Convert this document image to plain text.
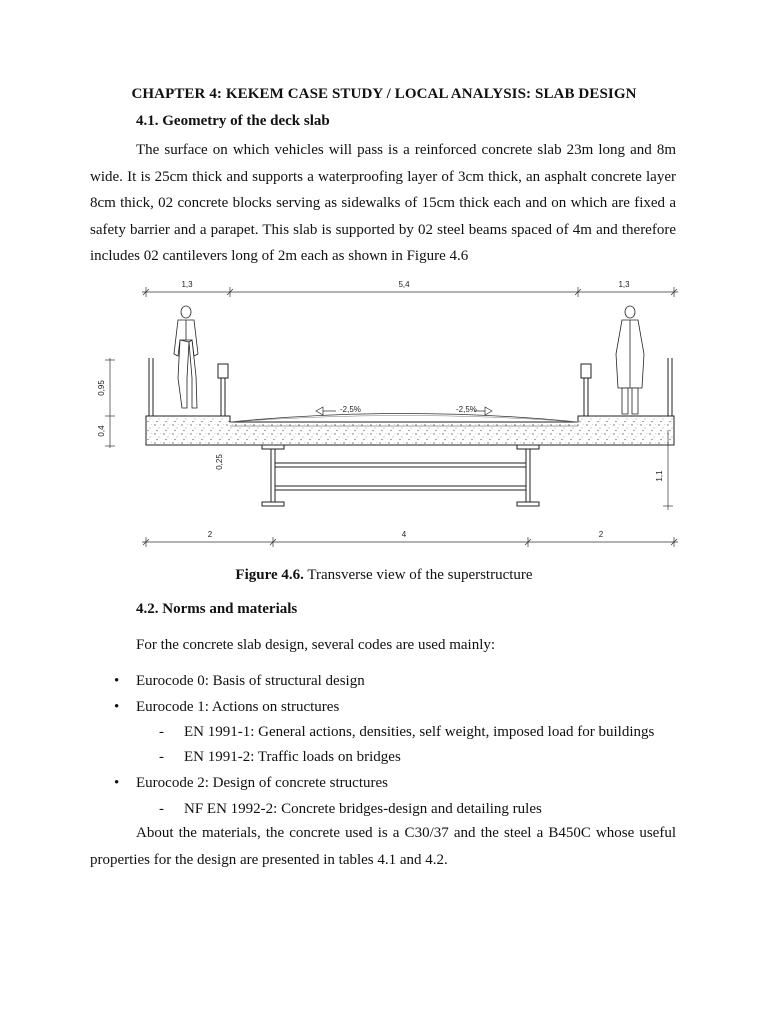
CHAPTER 4: KEKEM CASE STUDY / LOCAL ANALYSIS: SLAB DESIGN
4.1. Geometry of the deck slab

The surface on which vehicles will pass is a reinforced concrete slab 23m long and 8m wide. It is 25cm thick and supports a waterproofing layer of 3cm thick, an asphalt concrete layer 8cm thick, 02 concrete blocks serving as sidewalks of 15cm thick each and on which are fixed a safety barrier and a parapet. This slab is supported by 02 steel beams spaced of 4m and therefore includes 02 cantilevers long of 2m each as shown in Figure 4.6

1,3	5,4	1,3
0,95
0,4
-2,5%	-2,5%
0,25
1,1
2	4	2
Figure 4.6. Transverse view of the superstructure
4.2. Norms and materials
For the concrete slab design, several codes are used mainly:
• Eurocode 0: Basis of structural design
• Eurocode 1: Actions on structures
- EN 1991-1: General actions, densities, self weight, imposed load for buildings
- EN 1991-2: Traffic loads on bridges
• Eurocode 2: Design of concrete structures
- NF EN 1992-2: Concrete bridges-design and detailing rules

About the materials, the concrete used is a C30/37 and the steel a B450C whose useful properties for the design are presented in tables 4.1 and 4.2.
